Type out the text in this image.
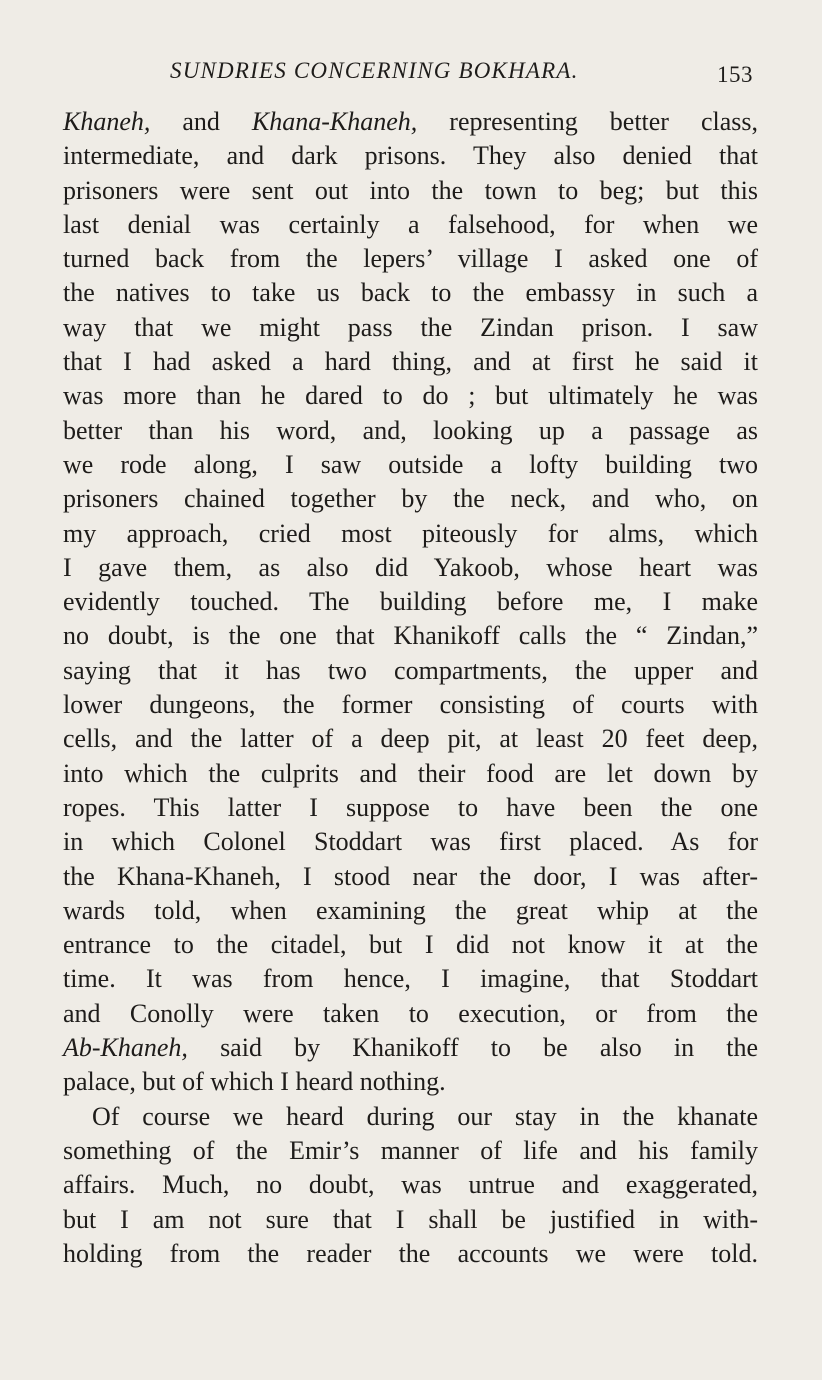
SUNDRIES CONCERNING BOKHARA.	153
Khaneh, and Khana-Khaneh, representing better class,
intermediate, and dark prisons. They also denied that
prisoners were sent out into the town to beg; but this
last denial was certainly a falsehood, for when we
turned back from the lepers’ village I asked one of
the natives to take us back to the embassy in such a
way that we might pass the Zindan prison. I saw
that I had asked a hard thing, and at first he said it
was more than he dared to do ; but ultimately he was
better than his word, and, looking up a passage as
we rode along, I saw outside a lofty building two
prisoners chained together by the neck, and who, on
my approach, cried most piteously for alms, which
I gave them, as also did Yakoob, whose heart was
evidently touched. The building before me, I make
no doubt, is the one that Khanikoff calls the “ Zindan,”
saying that it has two compartments, the upper and
lower dungeons, the former consisting of courts with
cells, and the latter of a deep pit, at least 20 feet deep,
into which the culprits and their food are let down by
ropes. This latter I suppose to have been the one
in which Colonel Stoddart was first placed. As for
the Khana-Khaneh, I stood near the door, I was after-
wards told, when examining the great whip at the
entrance to the citadel, but I did not know it at the
time. It was from hence, I imagine, that Stoddart
and Conolly were taken to execution, or from the
Ab-Khaneh, said by Khanikoff to be also in the
palace, but of which I heard nothing.
Of course we heard during our stay in the khanate
something of the Emir’s manner of life and his family
affairs. Much, no doubt, was untrue and exaggerated,
but I am not sure that I shall be justified in with-
holding from the reader the accounts we were told.
